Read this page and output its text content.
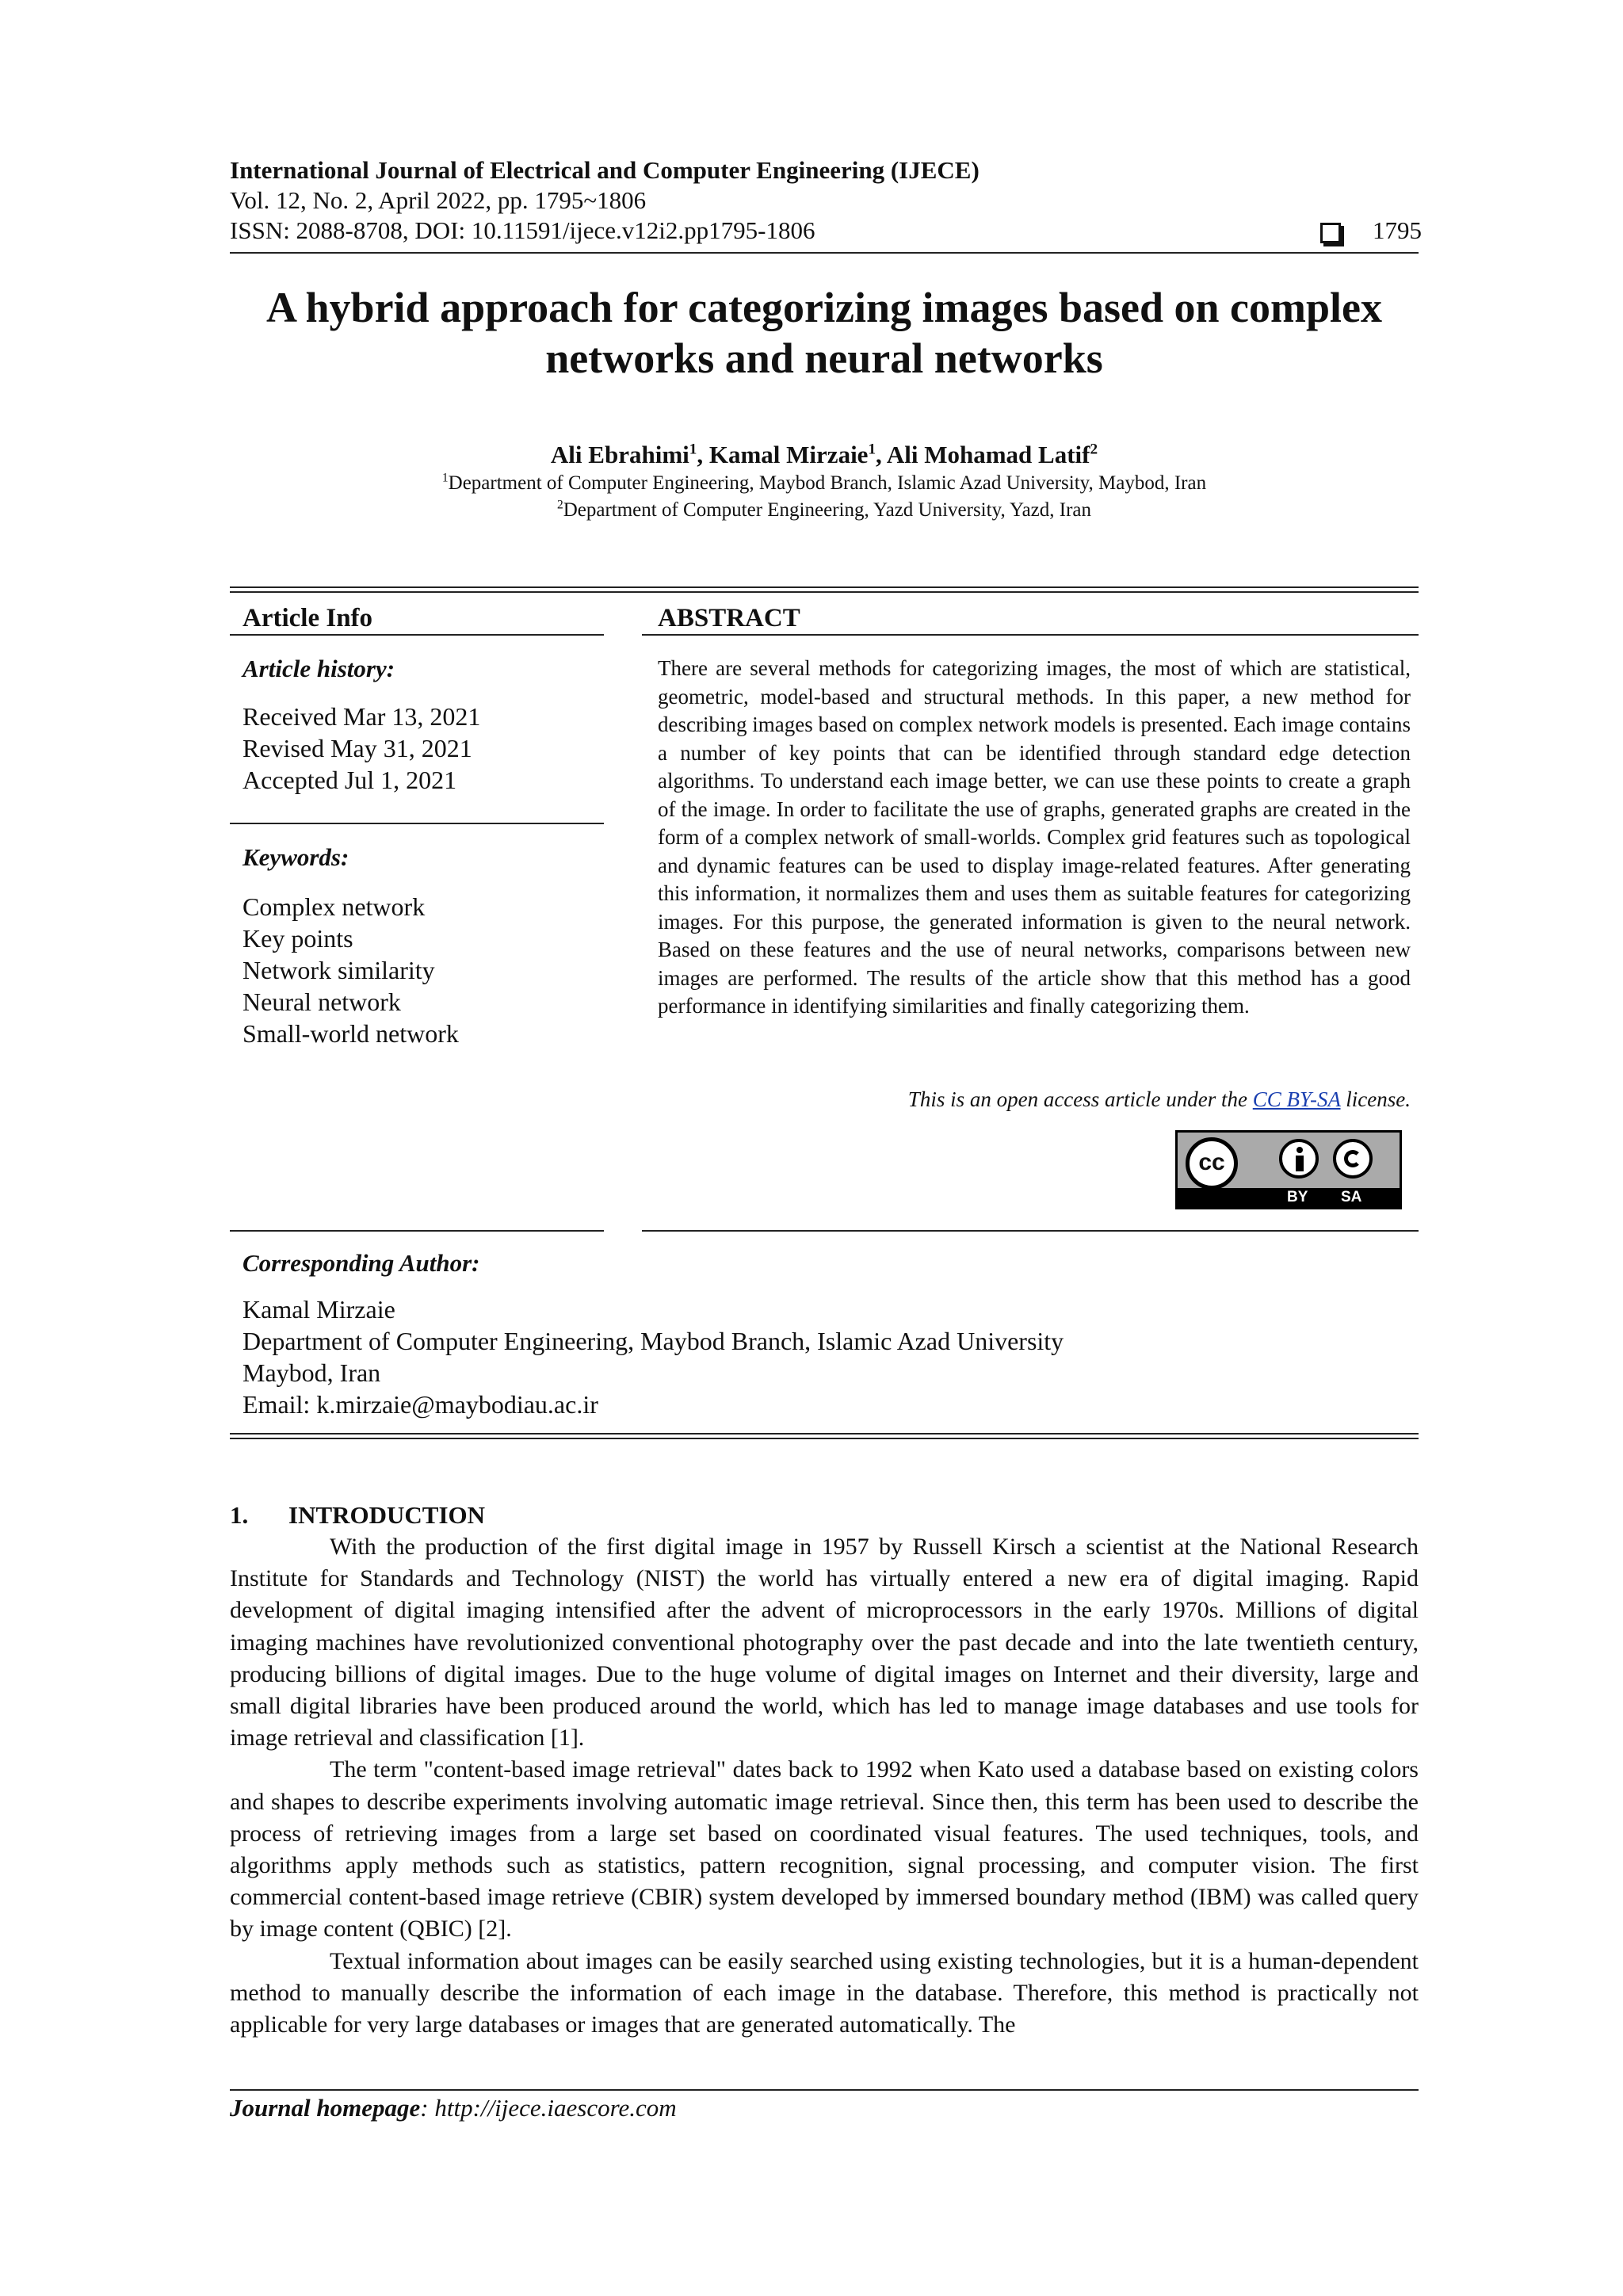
International Journal of Electrical and Computer Engineering (IJECE)
Vol. 12, No. 2, April 2022, pp. 1795~1806
ISSN: 2088-8708, DOI: 10.11591/ijece.v12i2.pp1795-1806	1795
A hybrid approach for categorizing images based on complex
networks and neural networks
Ali Ebrahimi$^1$, Kamal Mirzaie$^1$, Ali Mohamad Latif$^2$
$^1$Department of Computer Engineering, Maybod Branch, Islamic Azad University, Maybod, Iran
$^2$Department of Computer Engineering, Yazd University, Yazd, Iran
Article Info
Article history:
Received Mar 13, 2021
Revised May 31, 2021
Accepted Jul 1, 2021
Keywords:
Complex network
Key points
Network similarity
Neural network
Small-world network
ABSTRACT
There are several methods for categorizing images, the most of which are statistical, geometric, model-based and structural methods. In this paper, a new method for describing images based on complex network models is presented. Each image contains a number of key points that can be identified through standard edge detection algorithms. To understand each image better, we can use these points to create a graph of the image. In order to facilitate the use of graphs, generated graphs are created in the form of a complex network of small-worlds. Complex grid features such as topological and dynamic features can be used to display image-related features. After generating this information, it normalizes them and uses them as suitable features for categorizing images. For this purpose, the generated information is given to the neural network. Based on these features and the use of neural networks, comparisons between new images are performed. The results of the article show that this method has a good performance in identifying similarities and finally categorizing them.
This is an open access article under the CC BY-SA license.
cc
BY SA
Corresponding Author:
Kamal Mirzaie
Department of Computer Engineering, Maybod Branch, Islamic Azad University
Maybod, Iran
Email: k.mirzaie@maybodiau.ac.ir
1. INTRODUCTION

With the production of the first digital image in 1957 by Russell Kirsch a scientist at the National Research Institute for Standards and Technology (NIST) the world has virtually entered a new era of digital imaging. Rapid development of digital imaging intensified after the advent of microprocessors in the early 1970s. Millions of digital imaging machines have revolutionized conventional photography over the past decade and into the late twentieth century, producing billions of digital images. Due to the huge volume of digital images on Internet and their diversity, large and small digital libraries have been produced around the world, which has led to manage image databases and use tools for image retrieval and classification [1].

The term "content-based image retrieval" dates back to 1992 when Kato used a database based on existing colors and shapes to describe experiments involving automatic image retrieval. Since then, this term has been used to describe the process of retrieving images from a large set based on coordinated visual features. The used techniques, tools, and algorithms apply methods such as statistics, pattern recognition, signal processing, and computer vision. The first commercial content-based image retrieve (CBIR) system developed by immersed boundary method (IBM) was called query by image content (QBIC) [2].

Textual information about images can be easily searched using existing technologies, but it is a human-dependent method to manually describe the information of each image in the database. Therefore, this method is practically not applicable for very large databases or images that are generated automatically. The

Journal homepage: http://ijece.iaescore.com
